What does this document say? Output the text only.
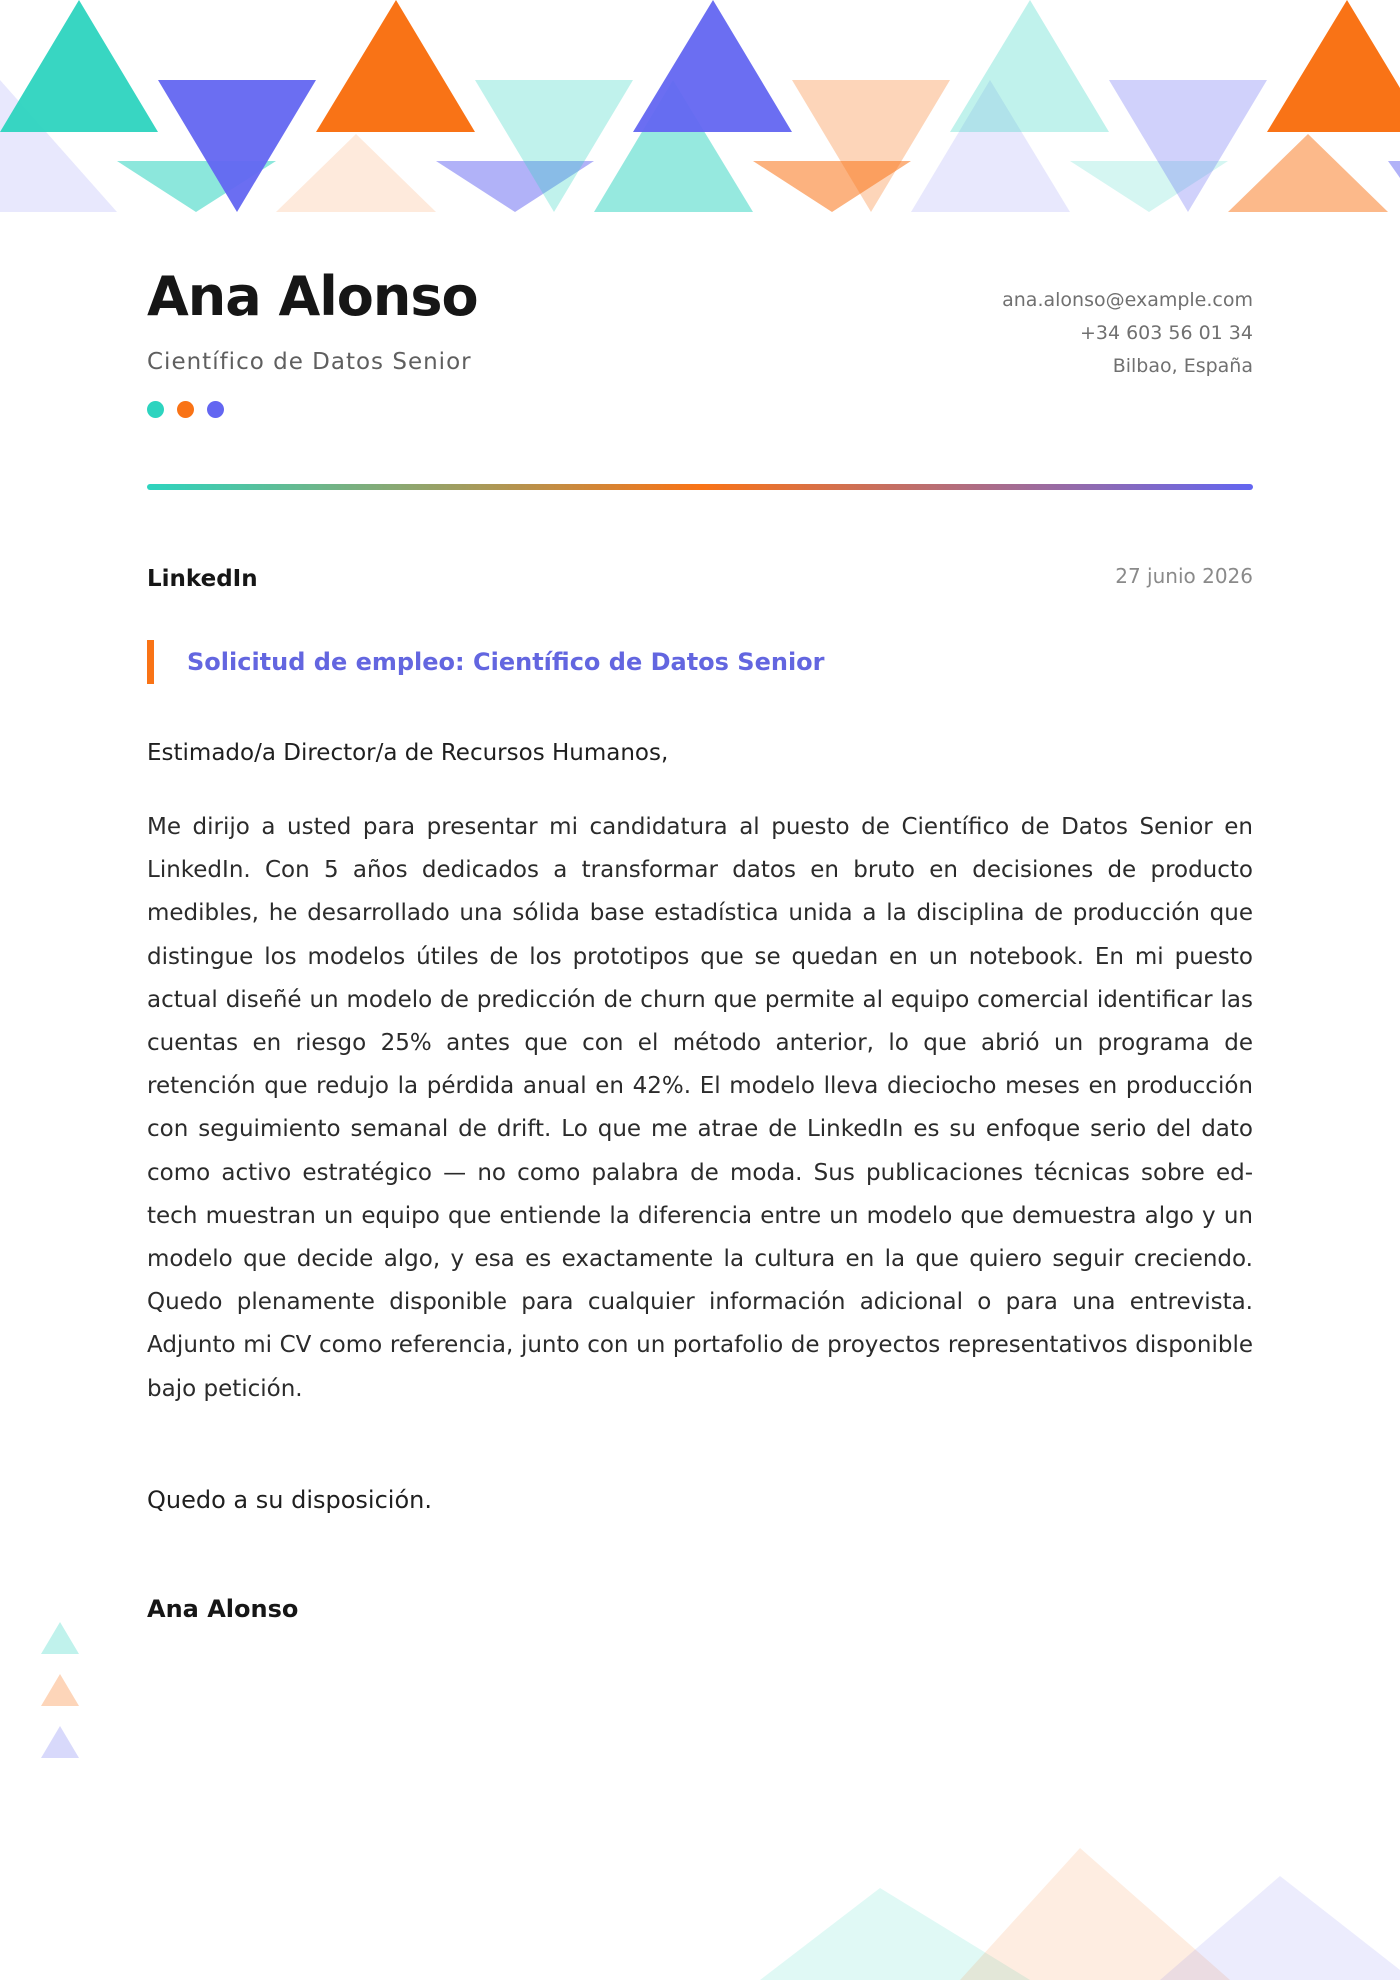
Ana Alonso
Científico de Datos Senior
ana.alonso@example.com
+34 603 56 01 34
Bilbao, España
LinkedIn	27 junio 2026
Solicitud de empleo: Científico de Datos Senior
Estimado/a Director/a de Recursos Humanos,

Me dirijo a usted para presentar mi candidatura al puesto de Científico de Datos Senior en LinkedIn. Con 5 años dedicados a transformar datos en bruto en decisiones de producto medibles, he desarrollado una sólida base estadística unida a la disciplina de producción que distingue los modelos útiles de los prototipos que se quedan en un notebook. En mi puesto actual diseñé un modelo de predicción de churn que permite al equipo comercial identificar las cuentas en riesgo 25% antes que con el método anterior, lo que abrió un programa de retención que redujo la pérdida anual en 42%. El modelo lleva dieciocho meses en producción con seguimiento semanal de drift. Lo que me atrae de LinkedIn es su enfoque serio del dato como activo estratégico — no como palabra de moda. Sus publicaciones técnicas sobre ed-tech muestran un equipo que entiende la diferencia entre un modelo que demuestra algo y un modelo que decide algo, y esa es exactamente la cultura en la que quiero seguir creciendo. Quedo plenamente disponible para cualquier información adicional o para una entrevista. Adjunto mi CV como referencia, junto con un portafolio de proyectos representativos disponible bajo petición.

Quedo a su disposición.
Ana Alonso
